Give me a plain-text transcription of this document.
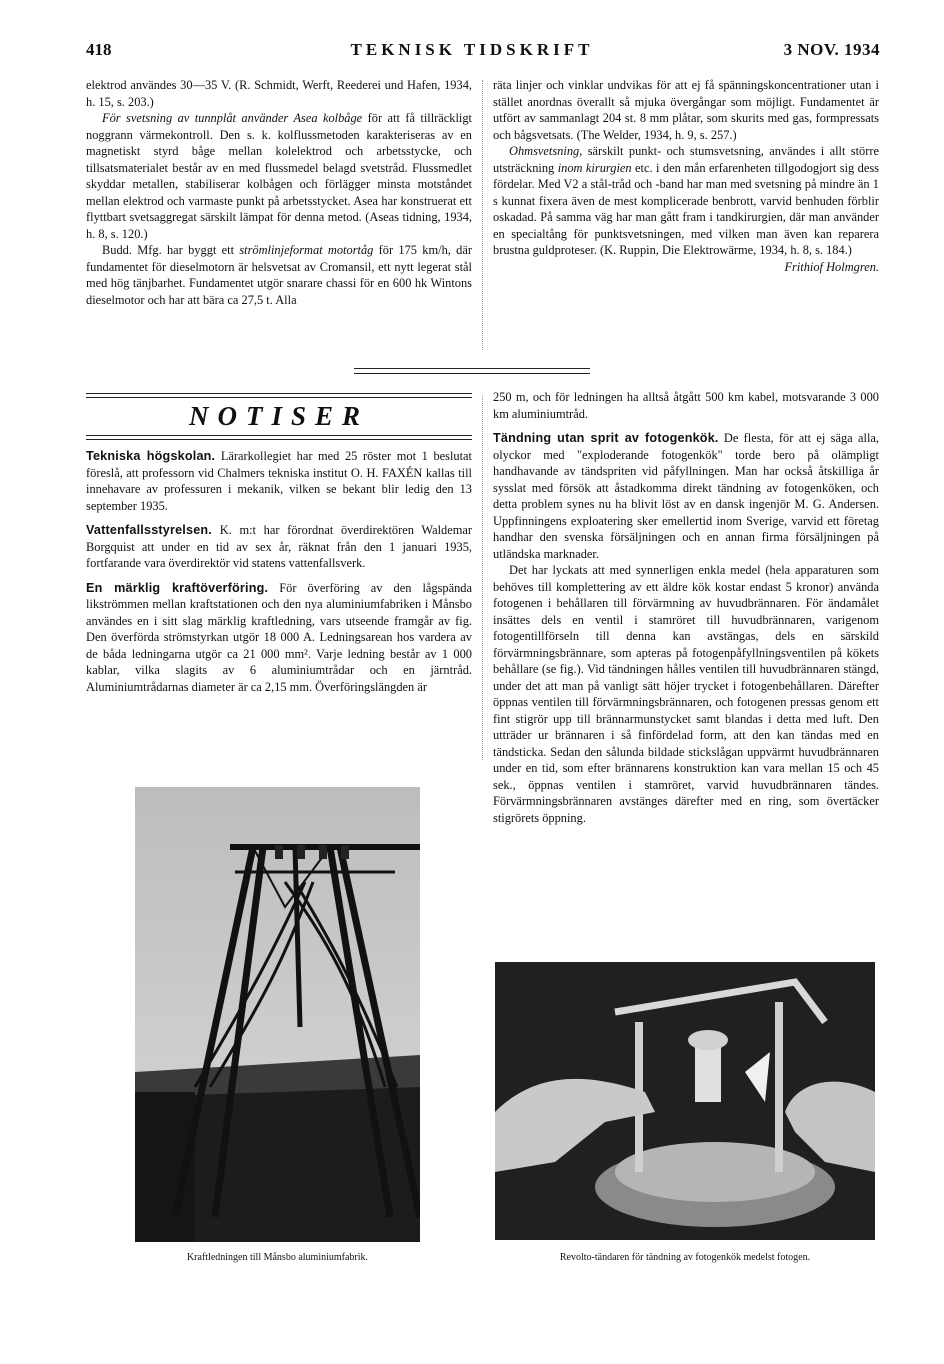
418	TEKNISK TIDSKRIFT	3 NOV. 1934

elektrod användes 30—35 V. (R. Schmidt, Werft, Reederei und Hafen, 1934, h. 15, s. 203.)

För svetsning av tunnplåt använder Asea kolbåge för att få tillräckligt noggrann värmekontroll. Den s. k. kolflussmetoden karakteriseras av en magnetiskt styrd båge mellan kolelektrod och arbetsstycke, och tillsatsmaterialet består av en med flussmedel belagd svetstråd. Flussmedlet skyddar metallen, stabiliserar kolbågen och förlägger minsta motståndet mellan elektrod och varmaste punkt på arbetsstycket. Asea har konstruerat ett flyttbart svetsaggregat särskilt lämpat för denna metod. (Aseas tidning, 1934, h. 8, s. 120.)

Budd. Mfg. har byggt ett strömlinjeformat motortåg för 175 km/h, där fundamentet för dieselmotorn är helsvetsat av Cromansil, ett nytt legerat stål med hög tänjbarhet. Fundamentet utgör snarare chassi för en 600 hk Wintons dieselmotor och har att bära ca 27,5 t. Alla

räta linjer och vinklar undvikas för att ej få spänningskoncentrationer utan i stället anordnas överallt så mjuka övergångar som möjligt. Fundamentet är utfört av sammanlagt 204 st. 8 mm plåtar, som skurits med gas, formpressats och bågsvetsats. (The Welder, 1934, h. 9, s. 257.)

Ohmsvetsning, särskilt punkt- och stumsvetsning, användes i allt större utsträckning inom kirurgien etc. i den mån erfarenheten tillgodogjort sig dess fördelar. Med V2 a stål-tråd och -band har man med svetsning på mindre än 1 s kunnat fixera även de mest komplicerade benbrott, varvid benhuden förblir oskadad. På samma väg har man gått fram i tandkirurgien, där man använder en specialtång för punktsvetsningen, med vilken man även kan reparera brustna guldproteser. (K. Ruppin, Die Elektrowärme, 1934, h. 8, s. 184.)

Frithiof Holmgren.

NOTISER

Tekniska högskolan. Lärarkollegiet har med 25 röster mot 1 beslutat föreslå, att professorn vid Chalmers tekniska institut O. H. FAXÉN kallas till innehavare av professuren i mekanik, vilken se bekant blir ledig den 13 september 1935.

Vattenfallsstyrelsen. K. m:t har förordnat överdirektören Waldemar Borgquist att under en tid av sex år, räknat från den 1 januari 1935, fortfarande vara överdirektör vid statens vattenfallsverk.

En märklig kraftöverföring. För överföring av den lågspända likströmmen mellan kraftstationen och den nya aluminiumfabriken i Månsbo användes en i sitt slag märklig kraftledning, vars utseende framgår av fig. Den överförda strömstyrkan utgör 18 000 A. Ledningsarean hos vardera av de båda ledningarna utgör ca 21 000 mm². Varje ledning består av 1 000 kablar, vilka slagits av 6 aluminiumtrådar och en järntråd. Aluminiumtrådarnas diameter är ca 2,15 mm. Överföringslängden är

250 m, och för ledningen ha alltså åtgått 500 km kabel, motsvarande 3 000 km aluminiumtråd.

Tändning utan sprit av fotogenkök. De flesta, för att ej säga alla, olyckor med "exploderande fotogenkök" torde bero på olämpligt handhavande av tändspriten vid påfyllningen. Man har också åtskilliga år sysslat med försök att åstadkomma direkt tändning av fotogenköken, och detta problem synes nu ha blivit löst av en dansk ingenjör M. G. Andersen. Uppfinningens exploatering sker emellertid inom Sverige, varvid ett företag handhar den svenska försäljningen och en annan firma försäljningen på utländska marknader.

Det har lyckats att med synnerligen enkla medel (hela apparaturen som behöves till komplettering av ett äldre kök kostar endast 5 kronor) använda fotogenen i behållaren till förvärmning av huvudbrännaren. För ändamålet insättes dels en ventil i stamröret till huvudbrännaren, varigenom fotogentillförseln till denna kan avstängas, dels en särskild förvärmningsbrännare, som apteras på fotogenpåfyllningsventilen på kökets behållare (se fig.). Vid tändningen hålles ventilen till huvudbrännaren stängd, under det att man på vanligt sätt höjer trycket i fotogenbehållaren. Därefter öppnas ventilen till förvärmningsbrännaren, och fotogenen pressas genom ett fint stigrör upp till brännarmunstycket samt blandas i detta med luft. Den utträder ur brännaren i så finfördelad form, att den kan tändas med en tändsticka. Sedan den sålunda bildade stickslågan uppvärmt huvudbrännaren under en tid, som efter brännarens konstruktion kan vara mellan 15 och 45 sek., öppnas ventilen i stamröret, varvid huvudbrännaren tändes. Förvärmningsbrännaren avstänges därefter med en ring, som övertäcker stigrörets öppning.

Kraftledningen till Månsbo aluminiumfabrik.	Revolto-tändaren för tändning av fotogenkök medelst fotogen.
